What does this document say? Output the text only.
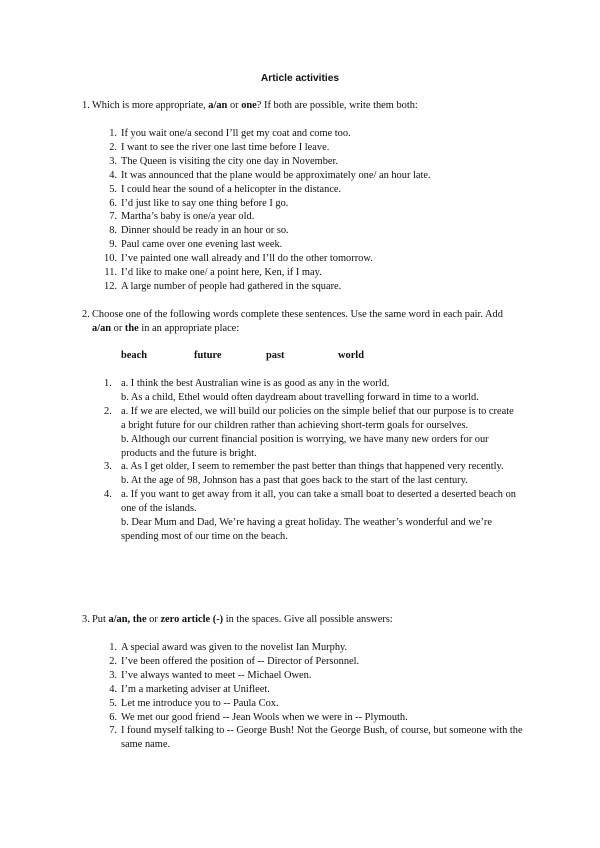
Article activities
1. Which is more appropriate, a/an or one? If both are possible, write them both:

1. If you wait one/a second I’ll get my coat and come too.
2. I want to see the river one last time before I leave.
3. The Queen is visiting the city one day in November.
4. It was announced that the plane would be approximately one/ an hour late.
5. I could hear the sound of a helicopter in the distance.
6. I’d just like to say one thing before I go.
7. Martha’s baby is one/a year old.
8. Dinner should be ready in an hour or so.
9. Paul came over one evening last week.
10. I’ve painted one wall already and I’ll do the other tomorrow.
11. I’d like to make one/ a point here, Ken, if I may.
12. A large number of people had gathered in the square.
2. Choose one of the following words complete these sentences. Use the same word in each pair. Add a/an or the in an appropriate place:

beach	future	past	world
1. a. I think the best Australian wine is as good as any in the world.
b. As a child, Ethel would often daydream about travelling forward in time to a world.
2. a. If we are elected, we will build our policies on the simple belief that our purpose is to create a bright future for our children rather than achieving short-term goals for ourselves.
b. Although our current financial position is worrying, we have many new orders for our products and the future is bright.
3. a. As I get older, I seem to remember the past better than things that happened very recently.
b. At the age of 98, Johnson has a past that goes back to the start of the last century.
4. a. If you want to get away from it all, you can take a small boat to deserted a deserted beach on one of the islands.
b. Dear Mum and Dad, We’re having a great holiday. The weather’s wonderful and we’re spending most of our time on the beach.
3. Put a/an, the or zero article (-) in the spaces. Give all possible answers:

1. A special award was given to the novelist Ian Murphy.
2. I’ve been offered the position of -- Director of Personnel.
3. I’ve always wanted to meet -- Michael Owen.
4. I’m a marketing adviser at Unifleet.
5. Let me introduce you to -- Paula Cox.
6. We met our good friend -- Jean Wools when we were in -- Plymouth.
7. I found myself talking to -- George Bush! Not the George Bush, of course, but someone with the same name.
